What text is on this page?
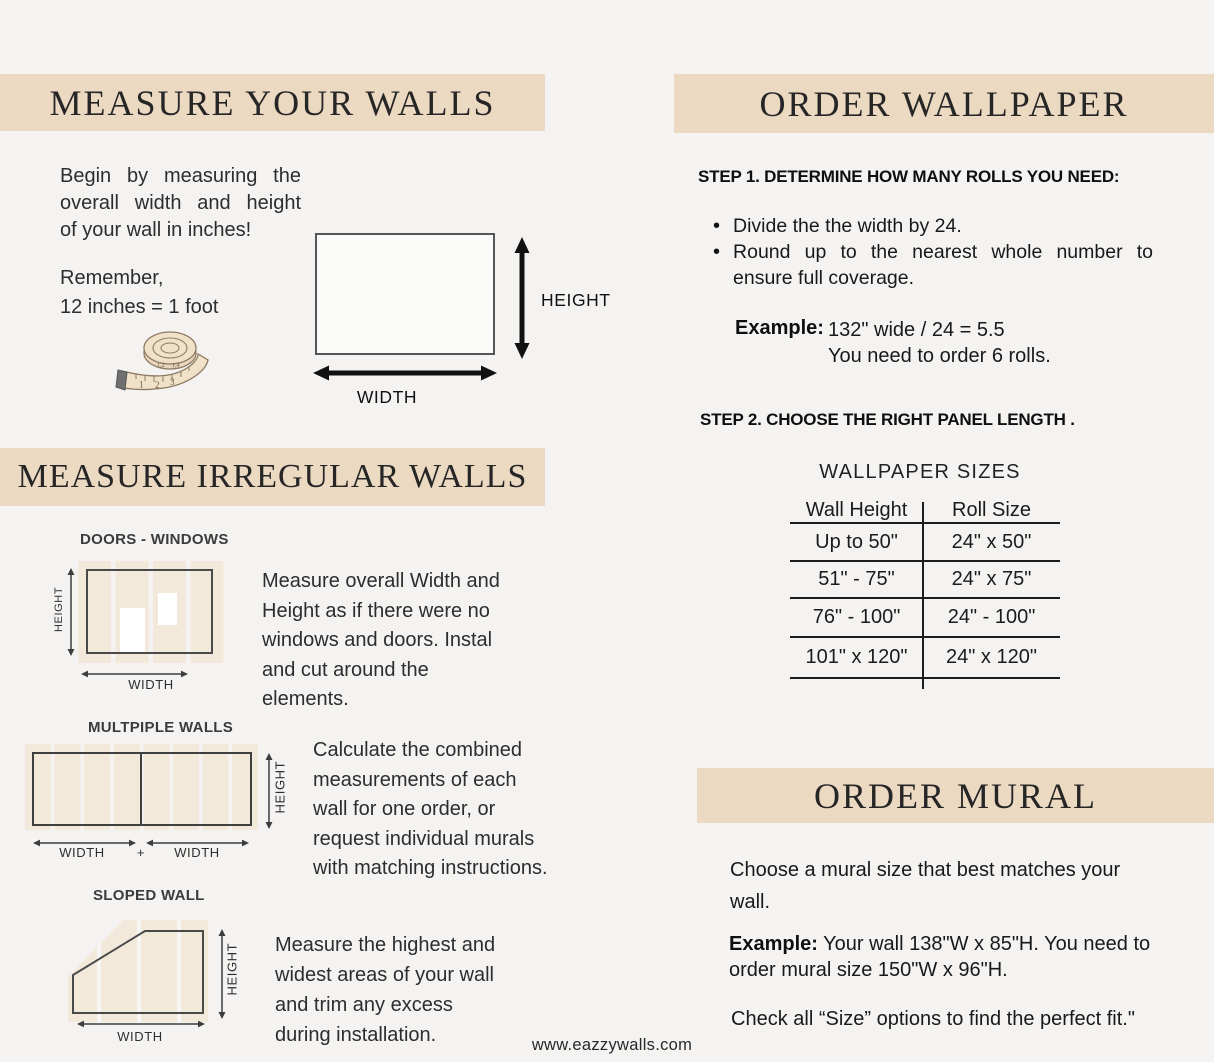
MEASURE YOUR WALLS
Begin by measuring the
overall width and height
of your wall in inches!
Remember,
12 inches = 1 foot
1 2 3
1,2 1,4
HEIGHT
WIDTH
MEASURE IRREGULAR WALLS
DOORS - WINDOWS
HEIGHT
WIDTH
Measure overall Width and
Height as if there were no
windows and doors. Instal
and cut around the elements.
MULTPIPLE WALLS
HEIGHT
WIDTH	+	WIDTH
Calculate the combined
measurements of each
wall for one order, or
request individual murals
with matching instructions.
SLOPED WALL
HEIGHT
WIDTH
Measure the highest and
widest areas of your wall
and trim any excess
during installation.
ORDER WALLPAPER
STEP 1. DETERMINE HOW MANY ROLLS YOU NEED:
• Divide the the width by 24.
• Round up to the nearest whole number to
ensure full coverage.
Example: 132" wide / 24 = 5.5
You need to order 6 rolls.
STEP 2. CHOOSE THE RIGHT PANEL LENGTH .
WALLPAPER SIZES
Wall Height	Roll Size
Up to 50"	24" x 50"
51" - 75"	24" x 75"
76" - 100"	24" - 100"
101" x 120"	24" x 120"
ORDER MURAL
Choose a mural size that best matches your
wall.
Example: Your wall 138"W x 85"H. You need to
order mural size 150"W x 96"H.
Check all “Size” options to find the perfect fit."
www.eazzywalls.com
